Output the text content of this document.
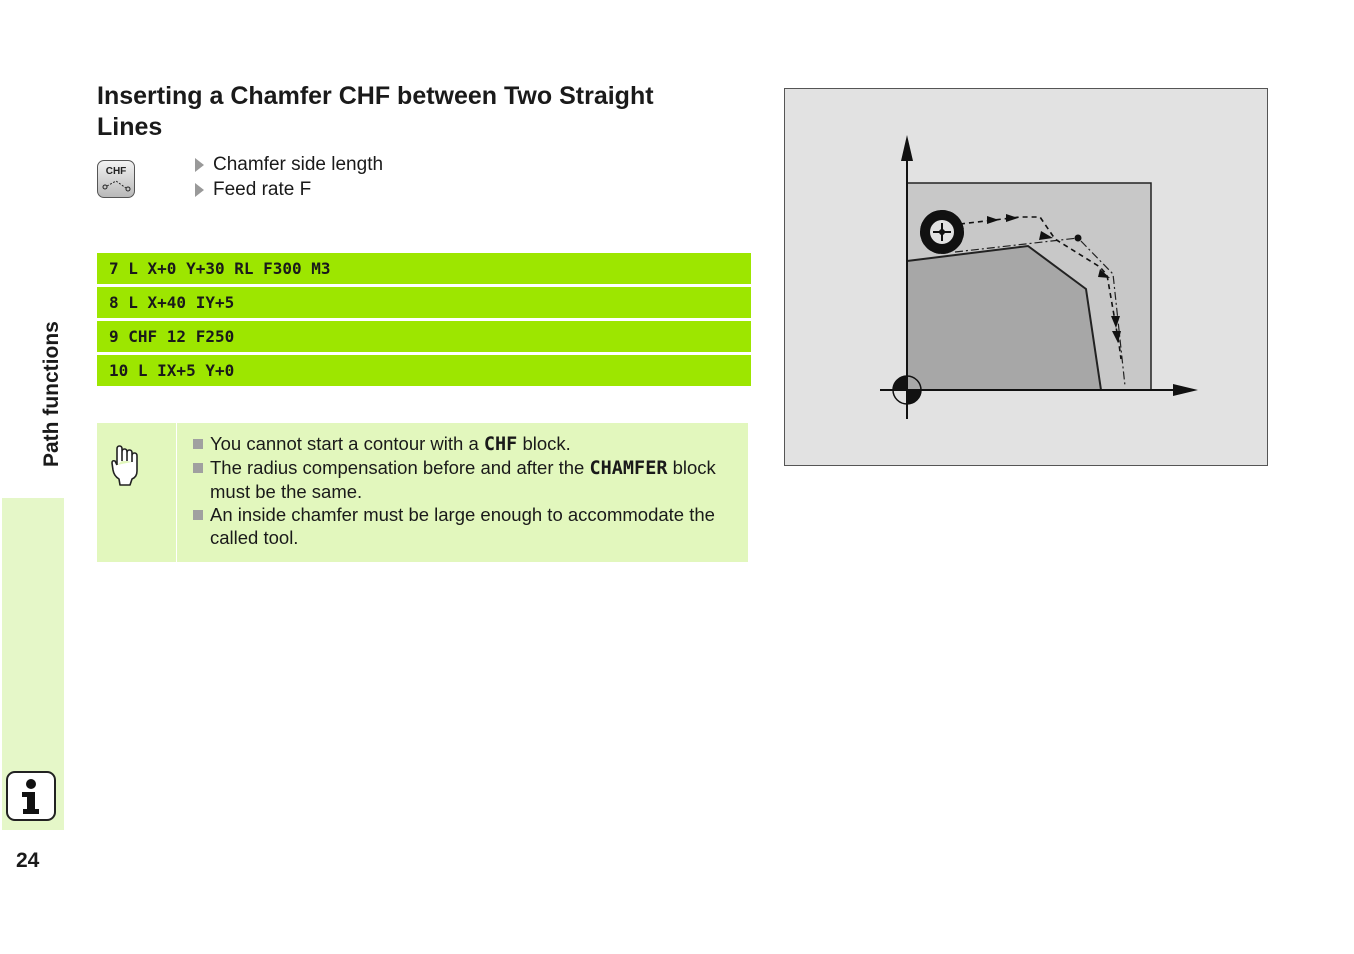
Path functions
24
Inserting a Chamfer CHF between Two Straight Lines
CHF	Chamfer side length
Feed rate F
7 L X+0 Y+30 RL F300 M3
8 L X+40 IY+5
9 CHF 12 F250
10 L IX+5 Y+0
You cannot start a contour with a CHF block.
The radius compensation before and after the CHAMFER block must be the same.
An inside chamfer must be large enough to accommodate the called tool.
